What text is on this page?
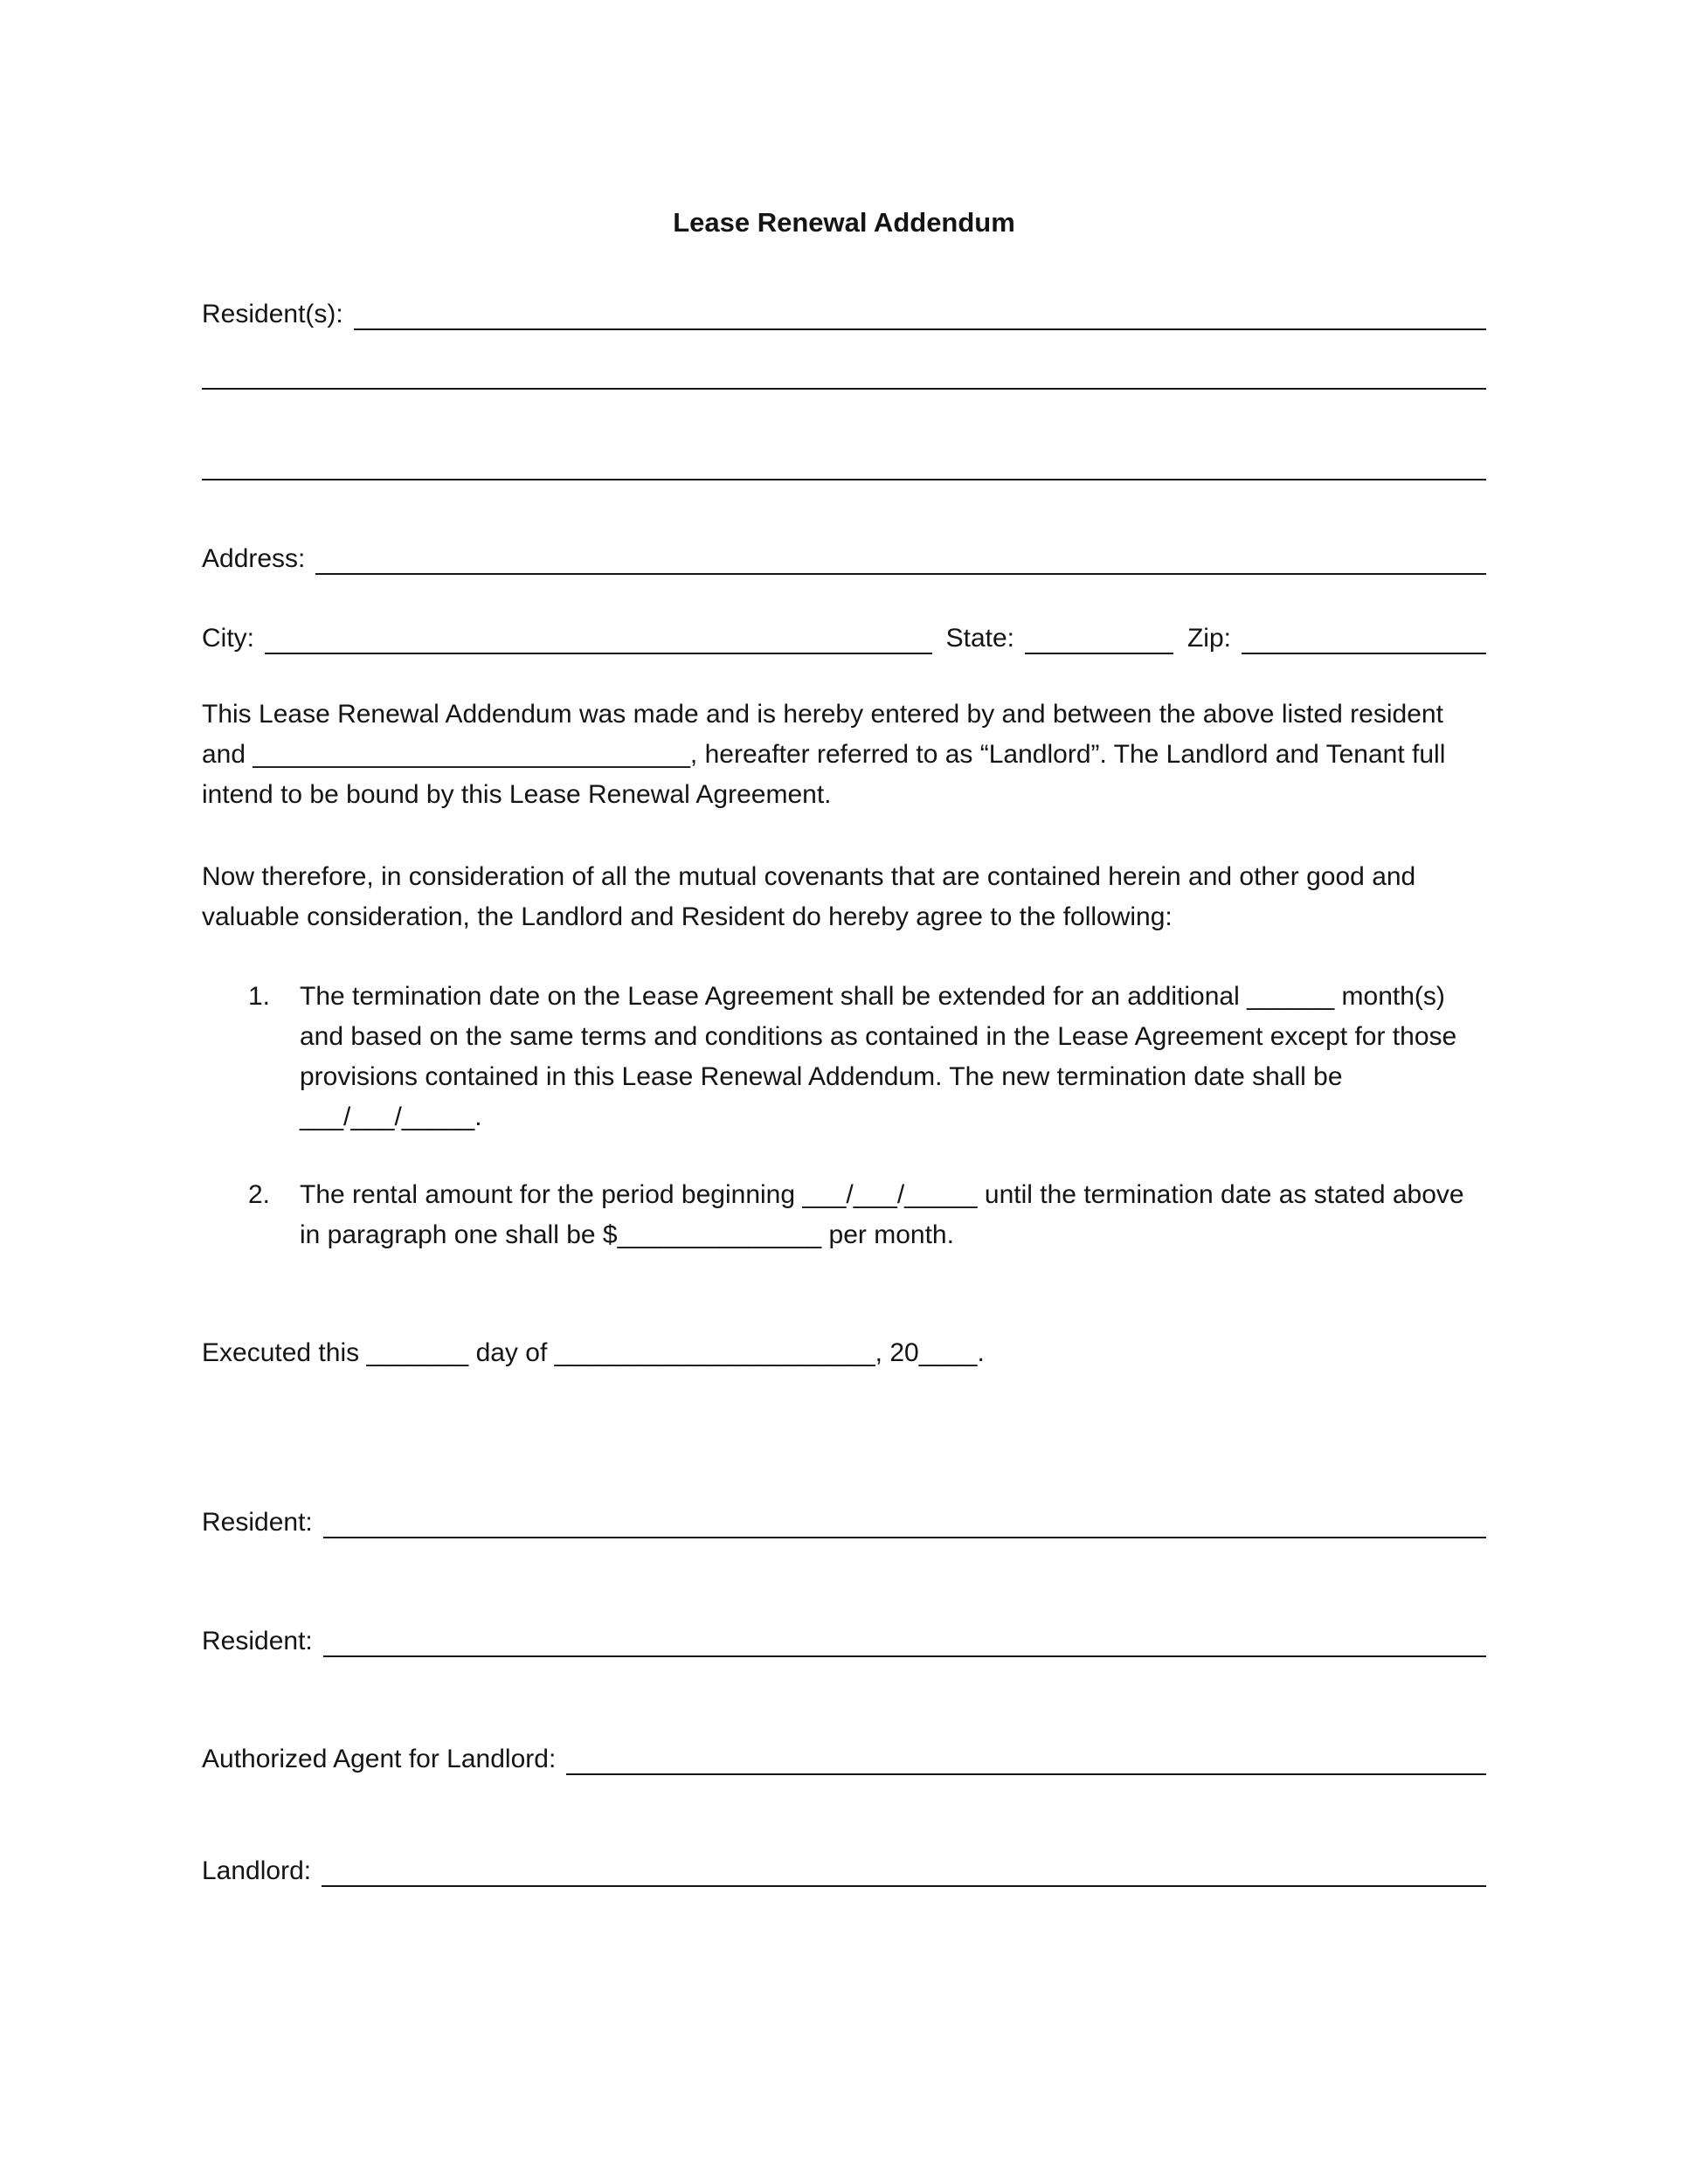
Lease Renewal Addendum
Resident(s):
Address:
City:	State:	Zip:

This Lease Renewal Addendum was made and is hereby entered by and between the above listed resident and ______________________________, hereafter referred to as “Landlord”. The Landlord and Tenant full intend to be bound by this Lease Renewal Agreement.

Now therefore, in consideration of all the mutual covenants that are contained herein and other good and valuable consideration, the Landlord and Resident do hereby agree to the following:

1.	The termination date on the Lease Agreement shall be extended for an additional ______ month(s) and based on the same terms and conditions as contained in the Lease Agreement except for those provisions contained in this Lease Renewal Addendum. The new termination date shall be ___/___/_____.
2.	The rental amount for the period beginning ___/___/_____ until the termination date as stated above in paragraph one shall be $______________ per month.

Executed this _______ day of ______________________, 20____.

Resident:
Resident:
Authorized Agent for Landlord:
Landlord:
